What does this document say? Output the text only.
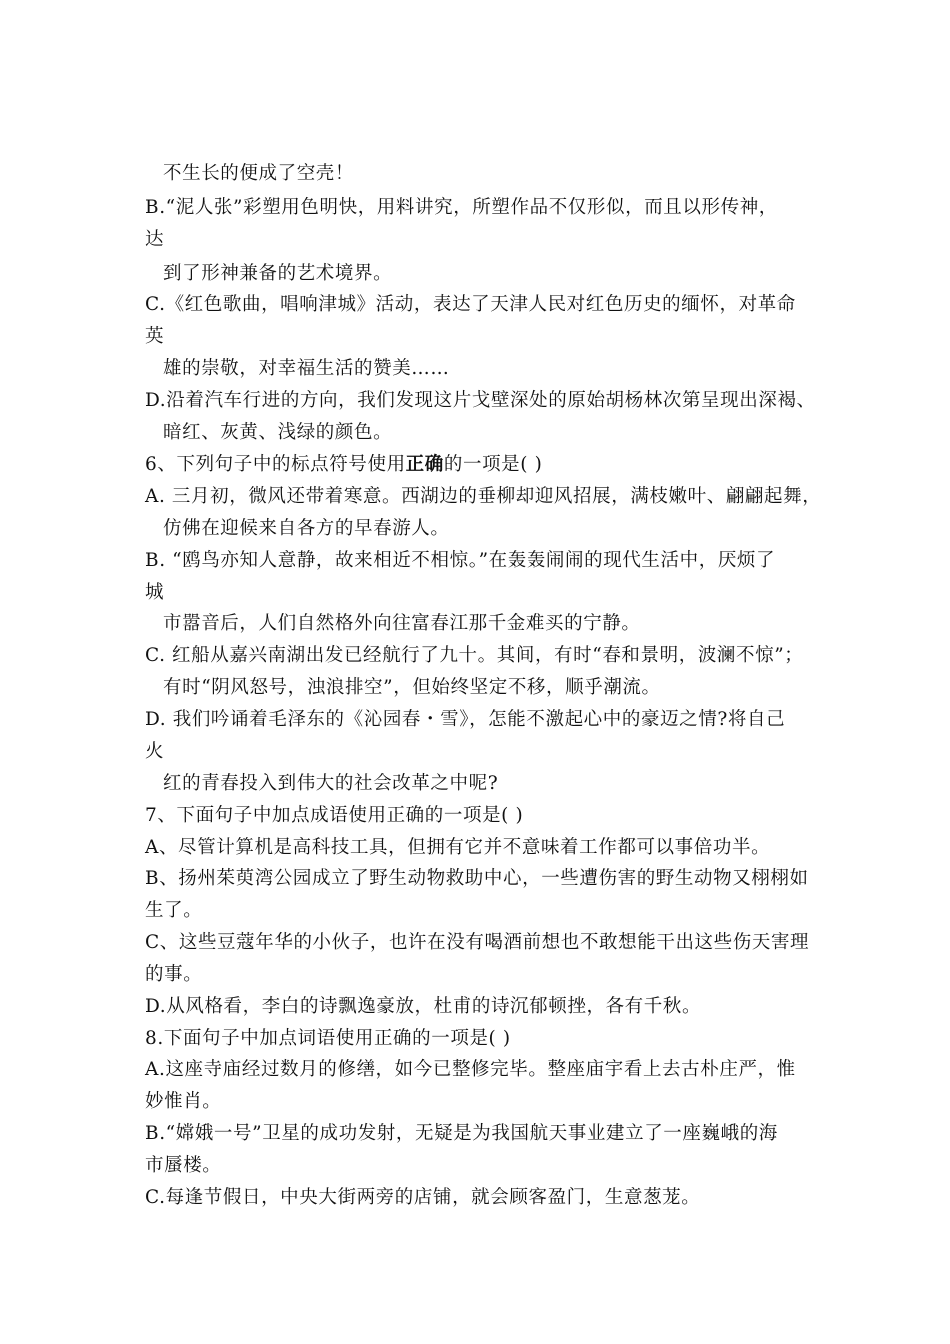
不生长的便成了空壳！
B.“泥人张”彩塑用色明快，用料讲究，所塑作品不仅形似，而且以形传神，
达
到了形神兼备的艺术境界。
C.《红色歌曲，唱响津城》活动，表达了天津人民对红色历史的缅怀，对革命
英
雄的崇敬，对幸福生活的赞美……
D.沿着汽车行进的方向，我们发现这片戈壁深处的原始胡杨林次第呈现出深褐、
暗红、灰黄、浅绿的颜色。
6、下列句子中的标点符号使用正确的一项是( )
A. 三月初，微风还带着寒意。西湖边的垂柳却迎风招展，满枝嫩叶、翩翩起舞，
仿佛在迎候来自各方的早春游人。
B. “鸥鸟亦知人意静，故来相近不相惊。”在轰轰闹闹的现代生活中，厌烦了
城
市嚣音后，人们自然格外向往富春江那千金难买的宁静。
C. 红船从嘉兴南湖出发已经航行了九十。其间，有时“春和景明，波澜不惊”；
有时“阴风怒号，浊浪排空”，但始终坚定不移，顺乎潮流。
D. 我们吟诵着毛泽东的《沁园春・雪》，怎能不激起心中的豪迈之情?将自己
火
红的青春投入到伟大的社会改革之中呢?
7、下面句子中加点成语使用正确的一项是( )
A、尽管计算机是高科技工具，但拥有它并不意味着工作都可以事倍功半。
B、扬州茱萸湾公园成立了野生动物救助中心，一些遭伤害的野生动物又栩栩如
生了。
C、这些豆蔻年华的小伙子，也许在没有喝酒前想也不敢想能干出这些伤天害理
的事。
D.从风格看，李白的诗飘逸豪放，杜甫的诗沉郁顿挫，各有千秋。
8.下面句子中加点词语使用正确的一项是( )
A.这座寺庙经过数月的修缮，如今已整修完毕。整座庙宇看上去古朴庄严，惟
妙惟肖。
B.“嫦娥一号”卫星的成功发射，无疑是为我国航天事业建立了一座巍峨的海
市蜃楼。
C.每逢节假日，中央大街两旁的店铺，就会顾客盈门，生意葱茏。
